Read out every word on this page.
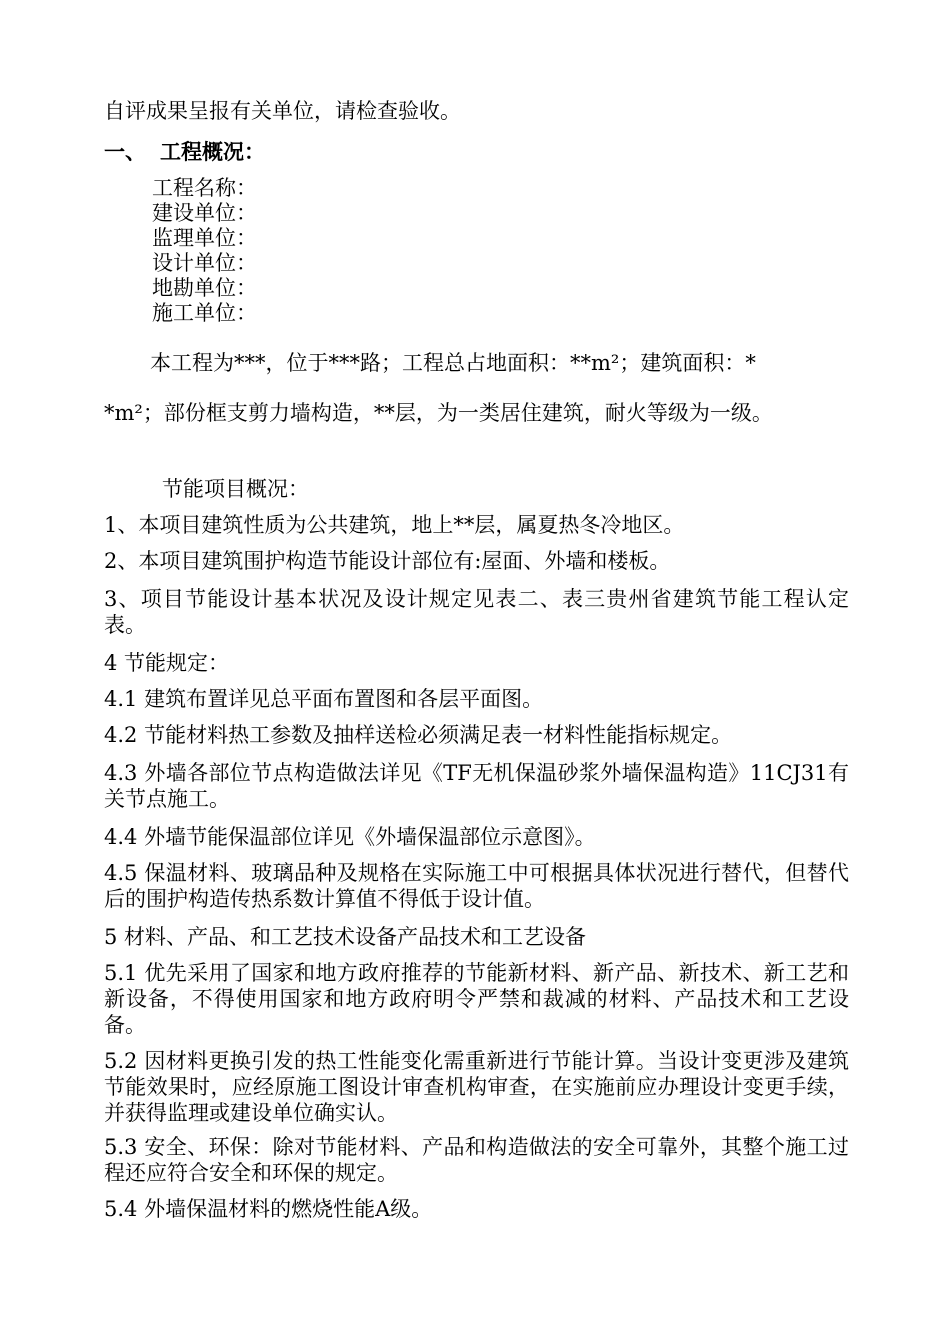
自评成果呈报有关单位，请检查验收。
一、 工程概况：
工程名称：
建设单位：
监理单位：
设计单位：
地勘单位：
施工单位：
本工程为***，位于***路；工程总占地面积：**m²；建筑面积：*
*m²；部份框支剪力墙构造，**层，为一类居住建筑，耐火等级为一级。
节能项目概况：
1、本项目建筑性质为公共建筑，地上**层，属夏热冬冷地区。
2、本项目建筑围护构造节能设计部位有:屋面、外墙和楼板。
3、项目节能设计基本状况及设计规定见表二、表三贵州省建筑节能工程认定表。
4 节能规定：
4.1 建筑布置详见总平面布置图和各层平面图。
4.2 节能材料热工参数及抽样送检必须满足表一材料性能指标规定。
4.3 外墙各部位节点构造做法详见《TF无机保温砂浆外墙保温构造》11CJ31有关节点施工。
4.4 外墙节能保温部位详见《外墙保温部位示意图》。
4.5 保温材料、玻璃品种及规格在实际施工中可根据具体状况进行替代，但替代后的围护构造传热系数计算值不得低于设计值。
5 材料、产品、和工艺技术设备产品技术和工艺设备
5.1 优先采用了国家和地方政府推荐的节能新材料、新产品、新技术、新工艺和新设备，不得使用国家和地方政府明令严禁和裁减的材料、产品技术和工艺设备。
5.2 因材料更换引发的热工性能变化需重新进行节能计算。当设计变更涉及建筑节能效果时，应经原施工图设计审查机构审查，在实施前应办理设计变更手续，并获得监理或建设单位确实认。
5.3 安全、环保：除对节能材料、产品和构造做法的安全可靠外，其整个施工过程还应符合安全和环保的规定。
5.4 外墙保温材料的燃烧性能A级。
